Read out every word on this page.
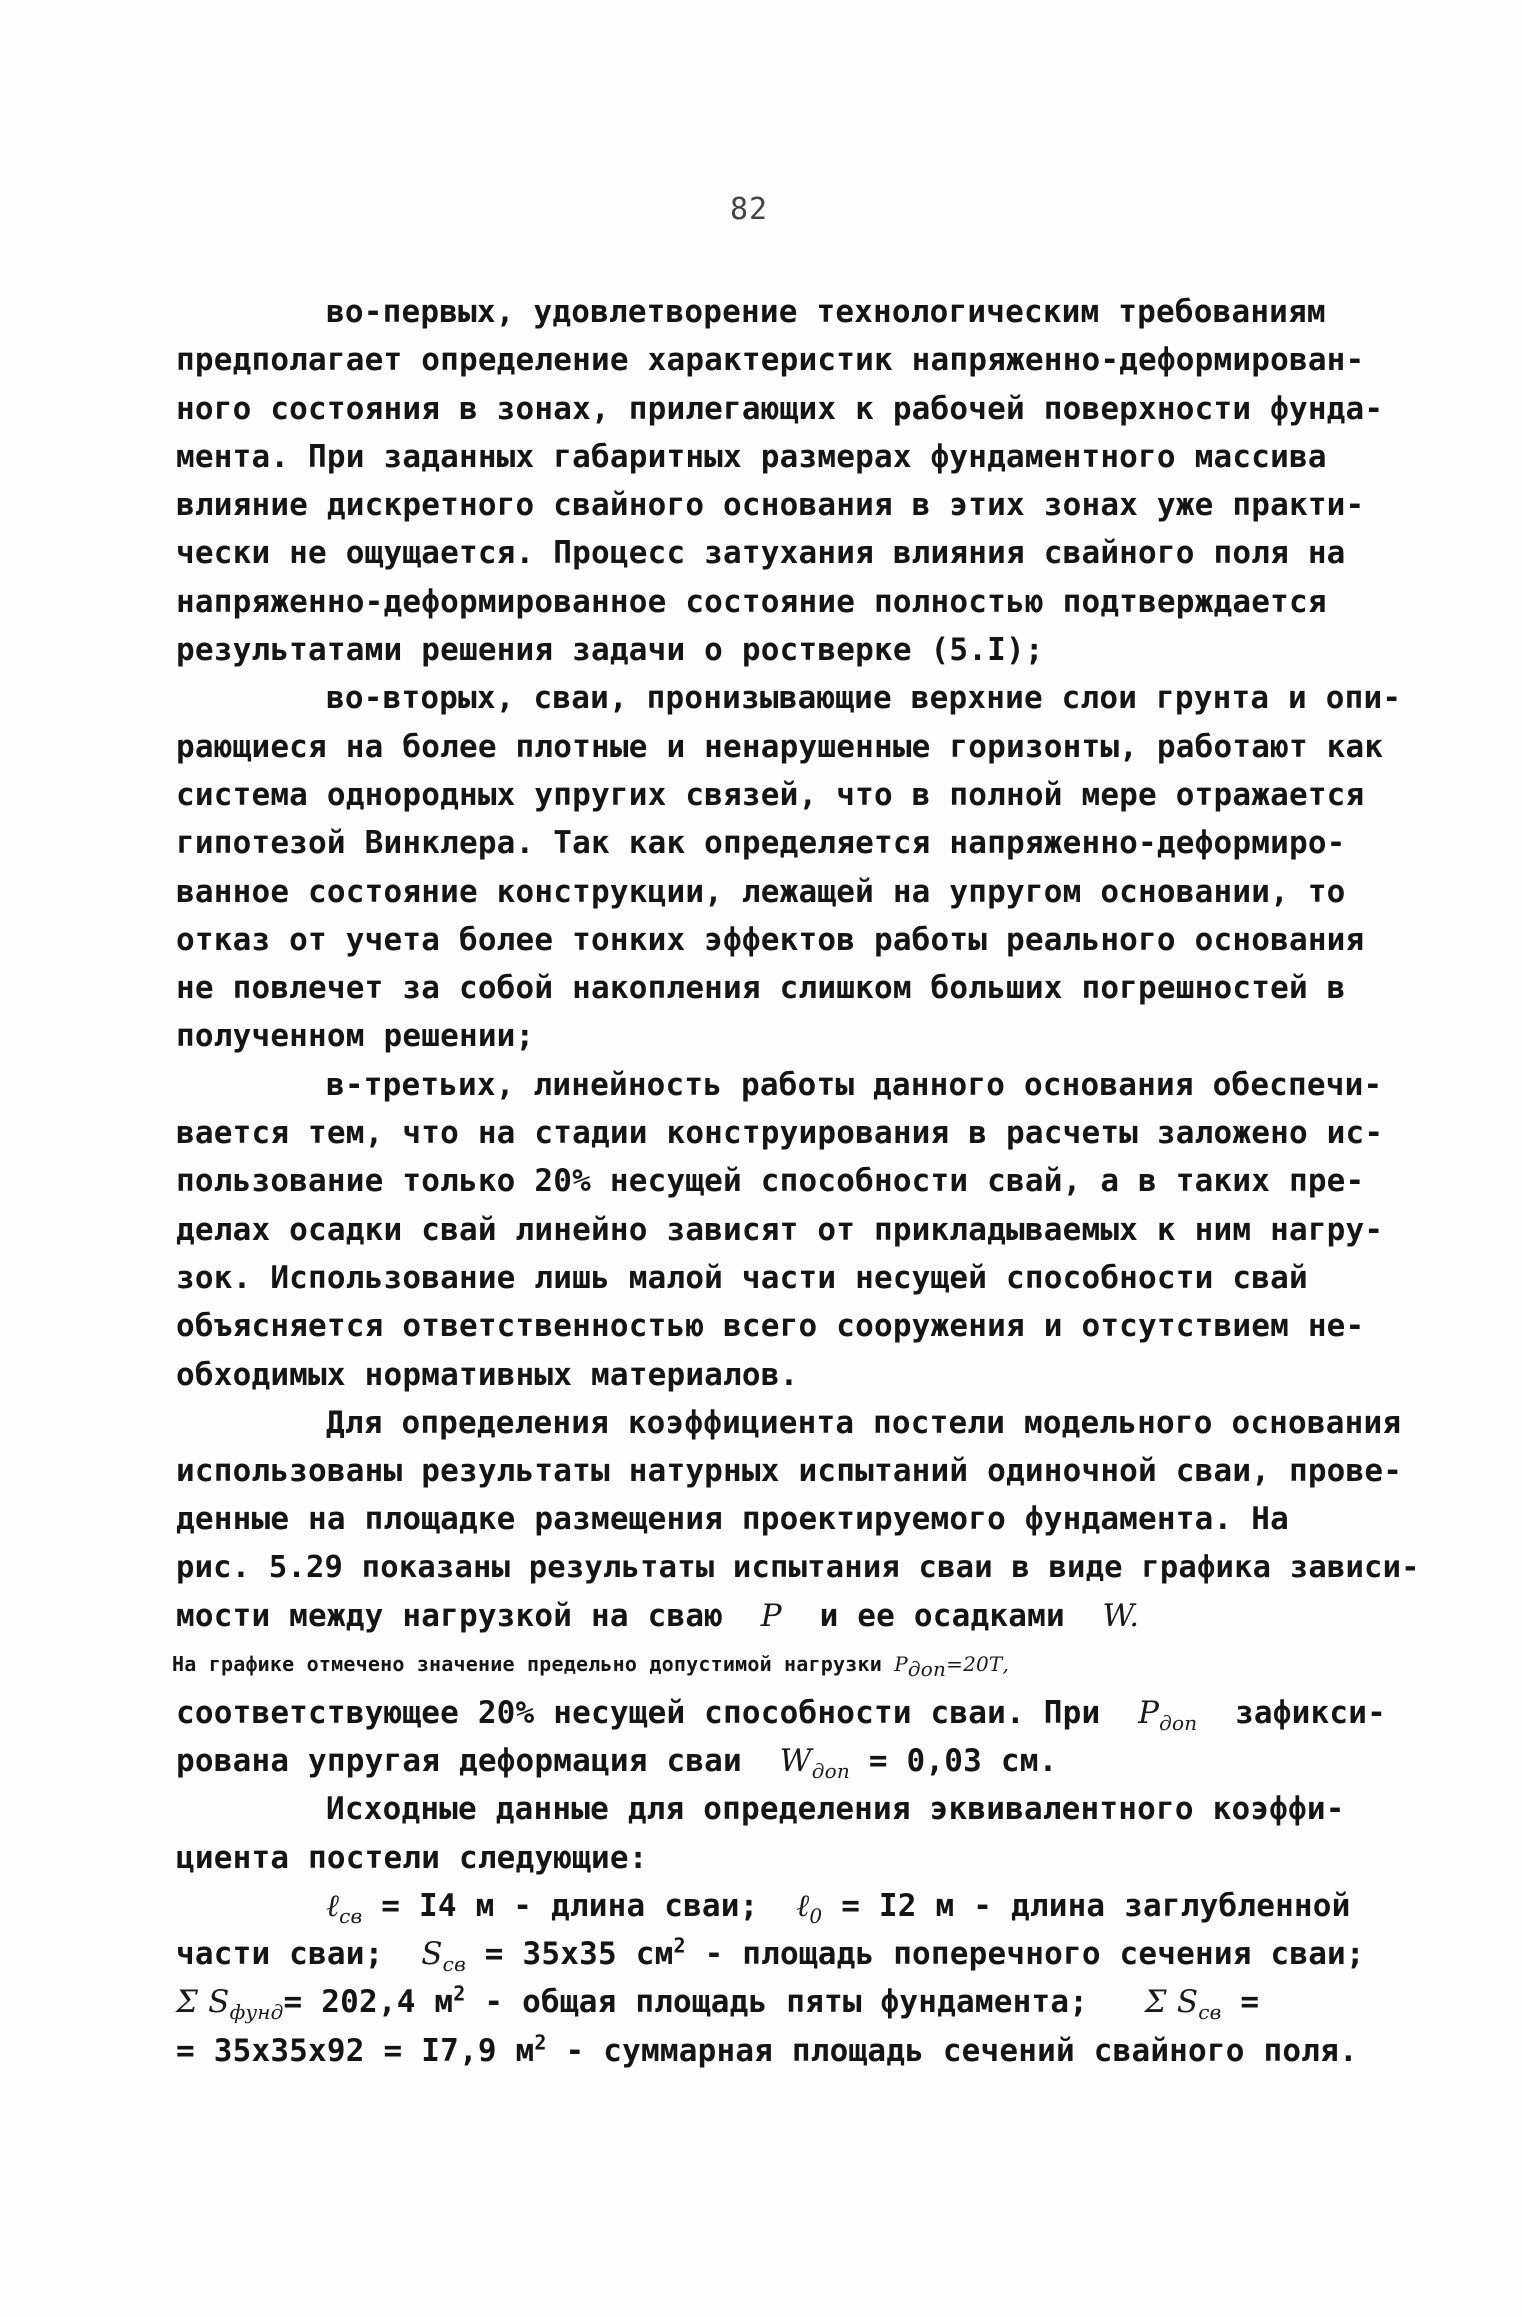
82
во-первых, удовлетворение технологическим требованиям
предполагает определение характеристик напряженно-деформирован-
ного состояния в зонах, прилегающих к рабочей поверхности фунда-
мента. При заданных габаритных размерах фундаментного массива
влияние дискретного свайного основания в этих зонах уже практи-
чески не ощущается. Процесс затухания влияния свайного поля на
напряженно-деформированное состояние полностью подтверждается
результатами решения задачи о ростверке (5.I);
во-вторых, сваи, пронизывающие верхние слои грунта и опи-
рающиеся на более плотные и ненарушенные горизонты, работают как
система однородных упругих связей, что в полной мере отражается
гипотезой Винклера. Так как определяется напряженно-деформиро-
ванное состояние конструкции, лежащей на упругом основании, то
отказ от учета более тонких эффектов работы реального основания
не повлечет за собой накопления слишком больших погрешностей в
полученном решении;
в-третьих, линейность работы данного основания обеспечи-
вается тем, что на стадии конструирования в расчеты заложено ис-
пользование только 20% несущей способности свай, а в таких пре-
делах осадки свай линейно зависят от прикладываемых к ним нагру-
зок. Использование лишь малой части несущей способности свай
объясняется ответственностью всего сооружения и отсутствием не-
обходимых нормативных материалов.
Для определения коэффициента постели модельного основания
использованы результаты натурных испытаний одиночной сваи, прове-
денные на площадке размещения проектируемого фундамента. На
рис. 5.29 показаны результаты испытания сваи в виде графика зависи-
мости между нагрузкой на сваю P и ее осадками W.
На графике отмечено значение предельно допустимой нагрузки $P_{доп}=20Т$,
соответствующее 20% несущей способности сваи. При $P_{доп}$ зафикси-
рована упругая деформация сваи $W_{доп} = 0,03$ см.
Исходные данные для определения эквивалентного коэффи-
циента постели следующие:
ℓ$_{св}$ = I4 м - длина сваи; ℓ$_0$ = I2 м - длина заглубленной
части сваи; $S_{св} = 35x35$ $см^2$ - площадь поперечного сечения сваи;
Σ $S_{фунд}= 202,4$ $м^2$ - общая площадь пяты фундамента; Σ $S_{св}$ =
= 35x35x92 = I7,9 $м^2$ - суммарная площадь сечений свайного поля.
